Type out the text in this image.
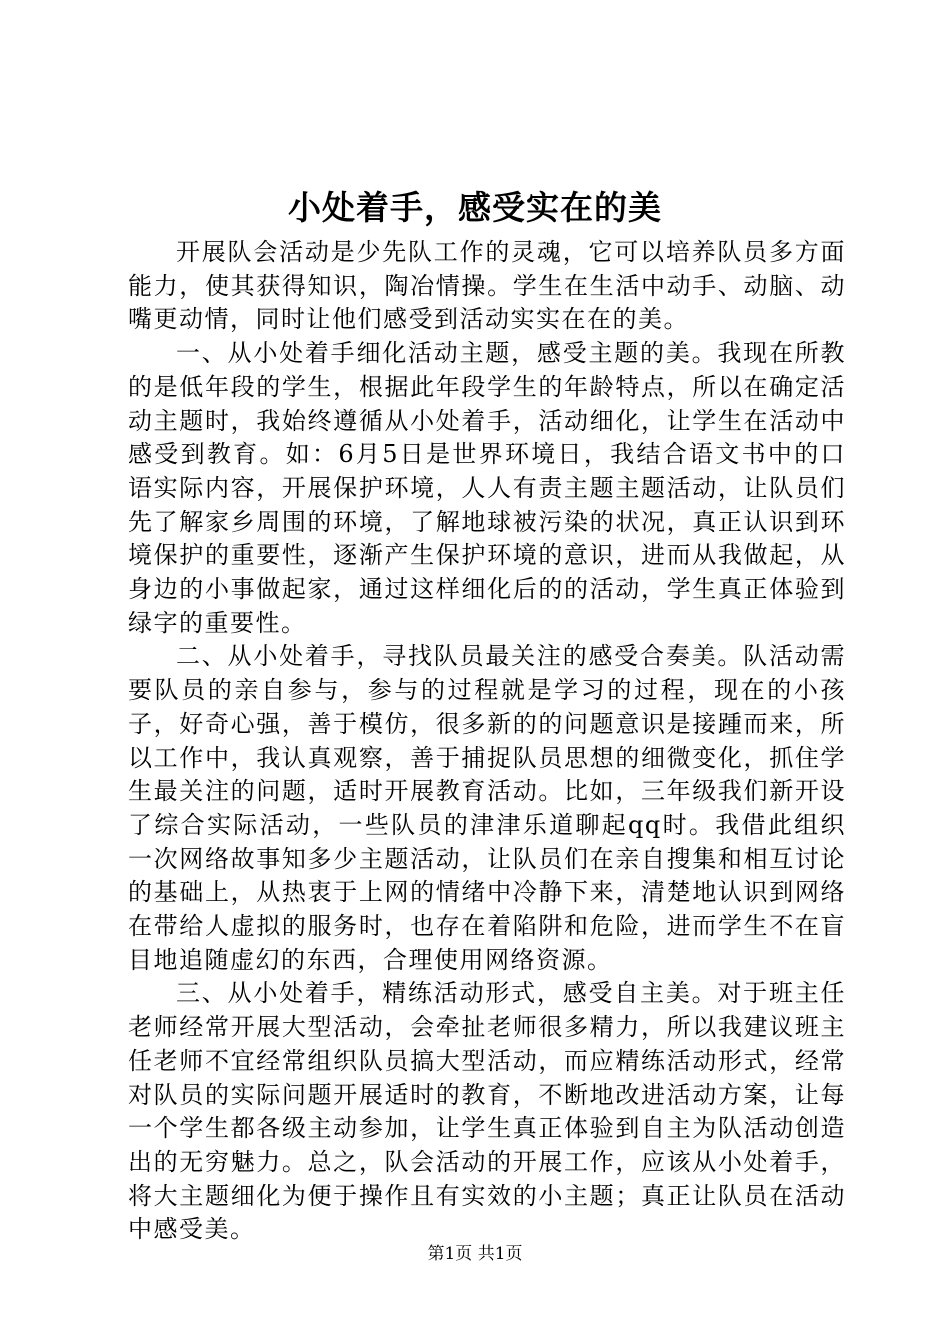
小处着手，感受实在的美

开展队会活动是少先队工作的灵魂，它可以培养队员多方面能力，使其获得知识，陶冶情操。学生在生活中动手、动脑、动嘴更动情，同时让他们感受到活动实实在在的美。

一、从小处着手细化活动主题，感受主题的美。我现在所教的是低年段的学生，根据此年段学生的年龄特点，所以在确定活动主题时，我始终遵循从小处着手，活动细化，让学生在活动中感受到教育。如：6月5日是世界环境日，我结合语文书中的口语实际内容，开展保护环境，人人有责主题主题活动，让队员们先了解家乡周围的环境，了解地球被污染的状况，真正认识到环境保护的重要性，逐渐产生保护环境的意识，进而从我做起，从身边的小事做起家，通过这样细化后的的活动，学生真正体验到绿字的重要性。

二、从小处着手，寻找队员最关注的感受合奏美。队活动需要队员的亲自参与，参与的过程就是学习的过程，现在的小孩子，好奇心强，善于模仿，很多新的的问题意识是接踵而来，所以工作中，我认真观察，善于捕捉队员思想的细微变化，抓住学生最关注的问题，适时开展教育活动。比如，三年级我们新开设了综合实际活动，一些队员的津津乐道聊起qq时。我借此组织一次网络故事知多少主题活动，让队员们在亲自搜集和相互讨论的基础上，从热衷于上网的情绪中冷静下来，清楚地认识到网络在带给人虚拟的服务时，也存在着陷阱和危险，进而学生不在盲目地追随虚幻的东西，合理使用网络资源。

三、从小处着手，精练活动形式，感受自主美。对于班主任老师经常开展大型活动，会牵扯老师很多精力，所以我建议班主任老师不宜经常组织队员搞大型活动，而应精练活动形式，经常对队员的实际问题开展适时的教育，不断地改进活动方案，让每一个学生都各级主动参加，让学生真正体验到自主为队活动创造出的无穷魅力。总之，队会活动的开展工作，应该从小处着手，将大主题细化为便于操作且有实效的小主题；真正让队员在活动中感受美。

第1页 共1页
